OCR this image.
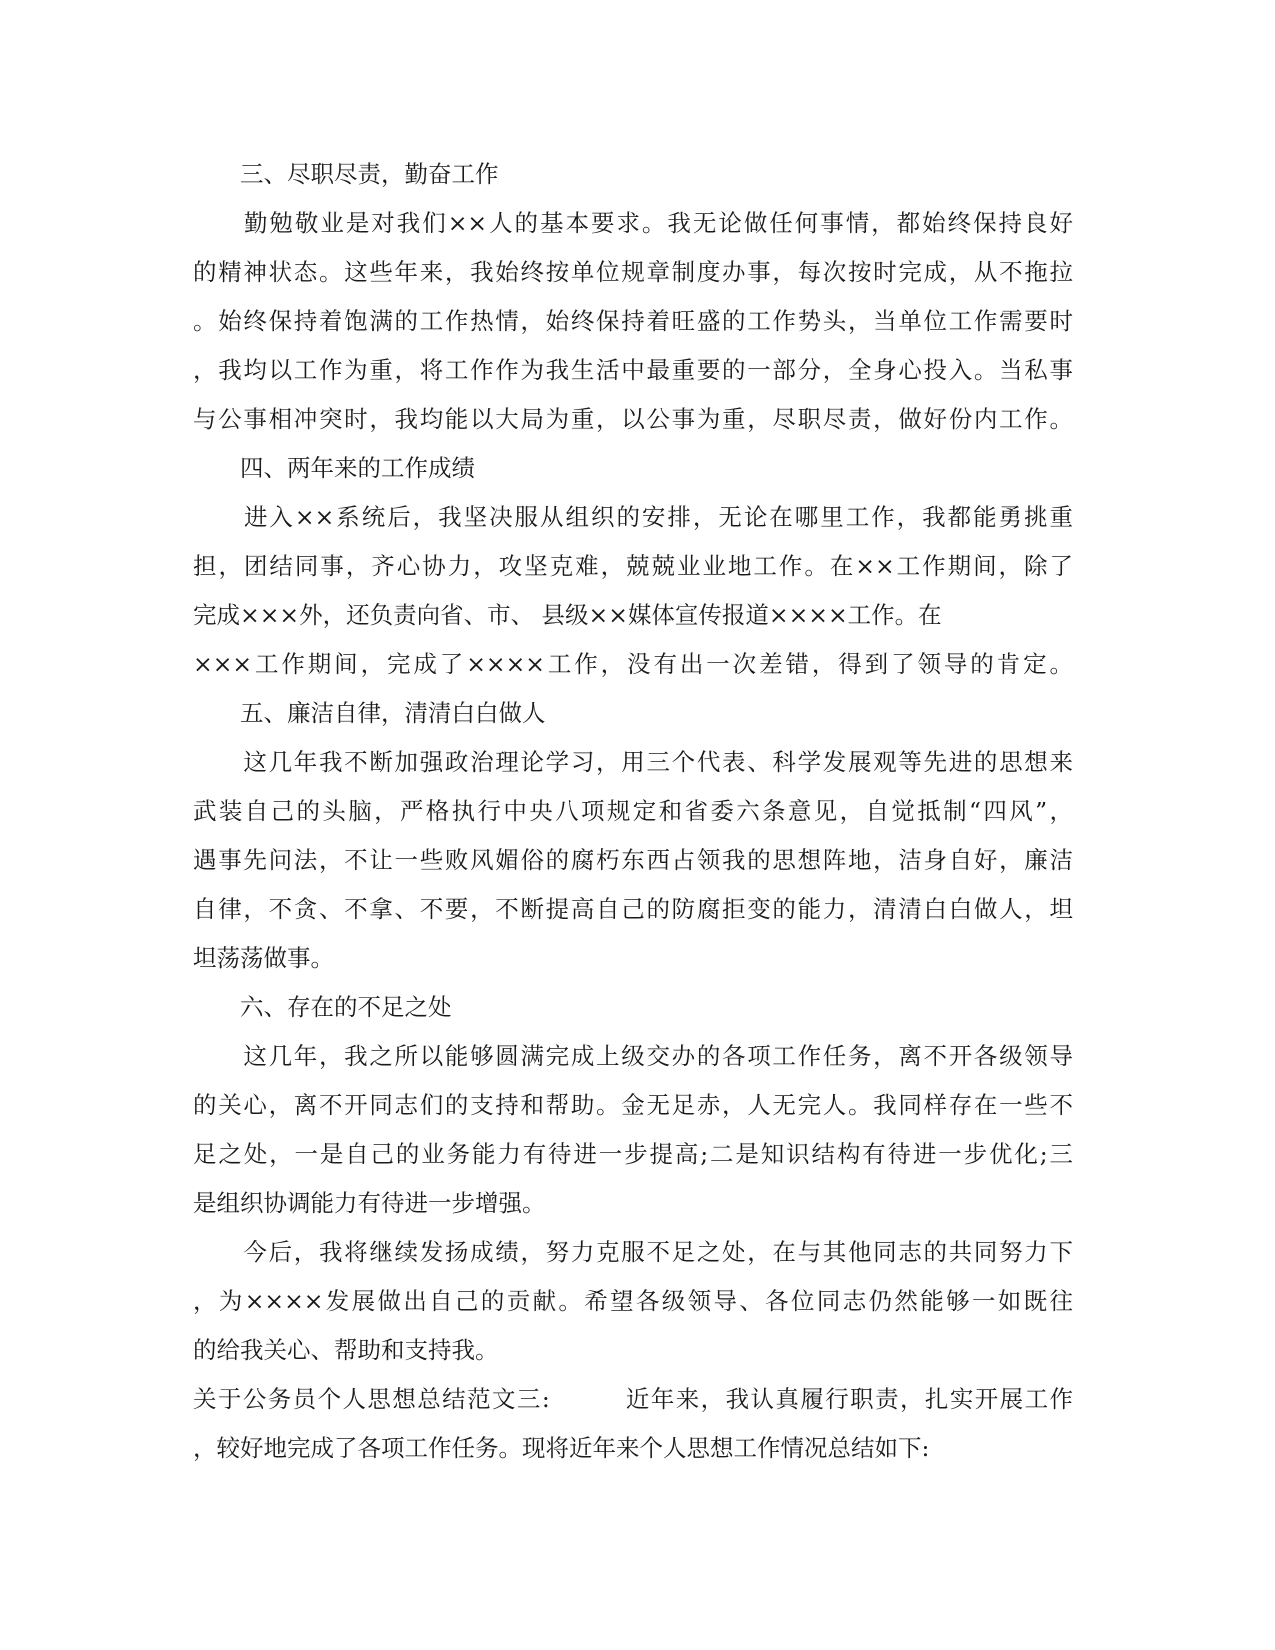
　　三、尽职尽责，勤奋工作
　　勤勉敬业是对我们××人的基本要求。我无论做任何事情，都始终保持良好
的精神状态。这些年来，我始终按单位规章制度办事，每次按时完成，从不拖拉
。始终保持着饱满的工作热情，始终保持着旺盛的工作势头，当单位工作需要时
，我均以工作为重，将工作作为我生活中最重要的一部分，全身心投入。当私事
与公事相冲突时，我均能以大局为重，以公事为重，尽职尽责，做好份内工作。
　　四、两年来的工作成绩
　　进入××系统后，我坚决服从组织的安排，无论在哪里工作，我都能勇挑重
担，团结同事，齐心协力，攻坚克难，兢兢业业地工作。在××工作期间，除了
完成×××外，还负责向省、市、 县级××媒体宣传报道××××工作。在
×××工作期间，完成了××××工作，没有出一次差错，得到了领导的肯定。
　　五、廉洁自律，清清白白做人
　　这几年我不断加强政治理论学习，用三个代表、科学发展观等先进的思想来
武装自己的头脑，严格执行中央八项规定和省委六条意见，自觉抵制“四风”，
遇事先问法，不让一些败风媚俗的腐朽东西占领我的思想阵地，洁身自好，廉洁
自律，不贪、不拿、不要，不断提高自己的防腐拒变的能力，清清白白做人，坦
坦荡荡做事。
　　六、存在的不足之处
　　这几年，我之所以能够圆满完成上级交办的各项工作任务，离不开各级领导
的关心，离不开同志们的支持和帮助。金无足赤，人无完人。我同样存在一些不
足之处，一是自己的业务能力有待进一步提高;二是知识结构有待进一步优化;三
是组织协调能力有待进一步增强。
　　今后，我将继续发扬成绩，努力克服不足之处，在与其他同志的共同努力下
，为××××发展做出自己的贡献。希望各级领导、各位同志仍然能够一如既往
的给我关心、帮助和支持我。
关于公务员个人思想总结范文三:　　　近年来，我认真履行职责，扎实开展工作
，较好地完成了各项工作任务。现将近年来个人思想工作情况总结如下:
